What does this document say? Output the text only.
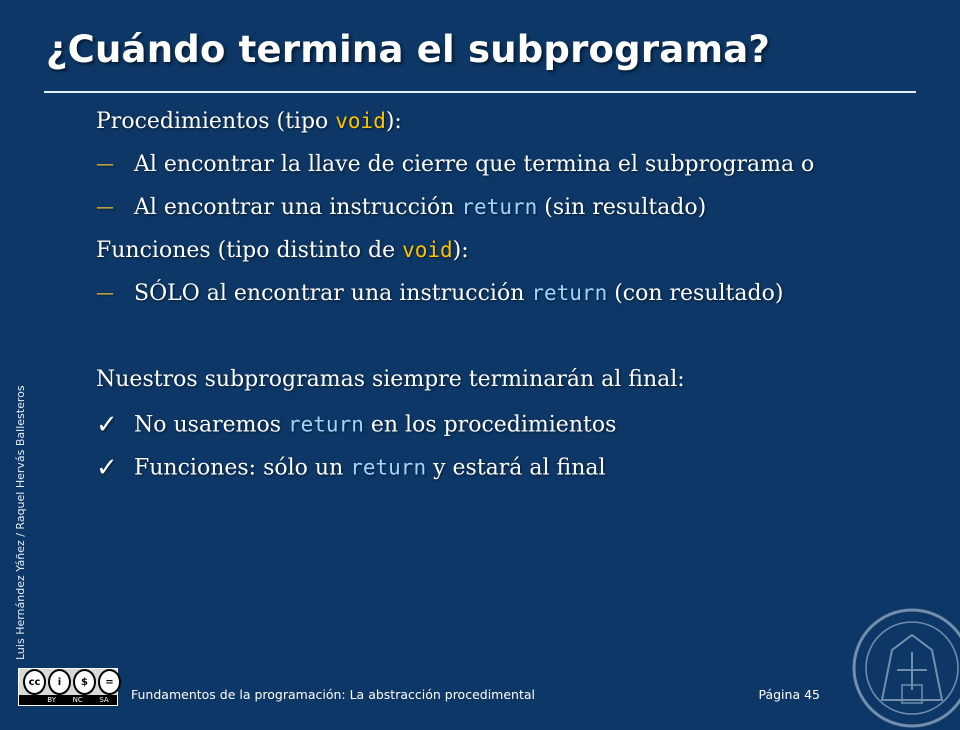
¿Cuándo termina el subprograma?
Procedimientos (tipo void):
— Al encontrar la llave de cierre que termina el subprograma o
— Al encontrar una instrucción return (sin resultado)
Funciones (tipo distinto de void):
— SÓLO al encontrar una instrucción return (con resultado)
Nuestros subprogramas siempre terminarán al final:
✓ No usaremos return en los procedimientos
✓ Funciones: sólo un return y estará al final
Luis Hernández Yáñez / Raquel Hervás Ballesteros
cc	i	$	=
BY NC SA Fundamentos de la programación: La abstracción procedimental	Página 45
